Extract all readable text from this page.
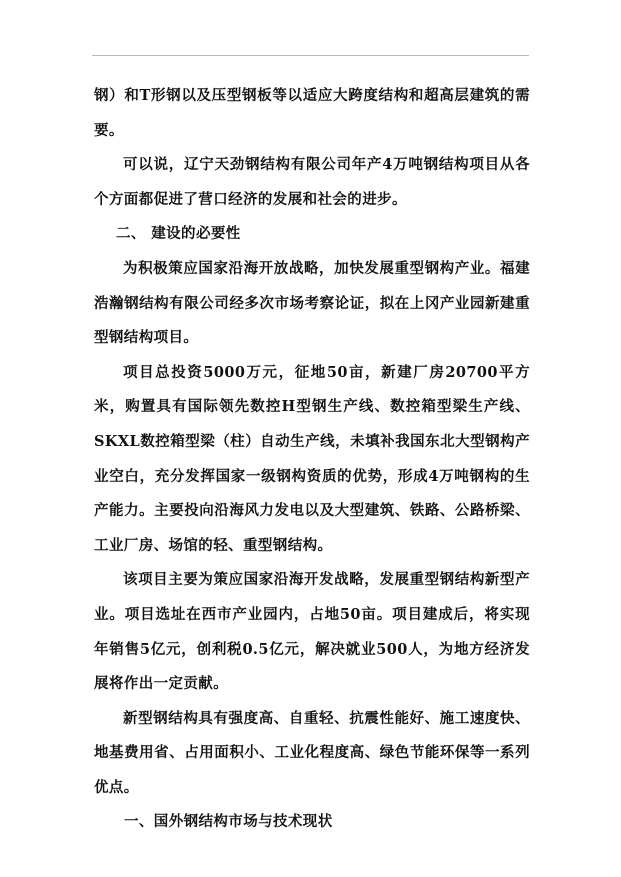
钢）和T形钢以及压型钢板等以适应大跨度结构和超高层建筑的需要。

可以说，辽宁天劲钢结构有限公司年产4万吨钢结构项目从各个方面都促进了营口经济的发展和社会的进步。

二、 建设的必要性

为积极策应国家沿海开放战略，加快发展重型钢构产业。福建浩瀚钢结构有限公司经多次市场考察论证，拟在上冈产业园新建重型钢结构项目。

项目总投资5000万元，征地50亩，新建厂房20700平方米，购置具有国际领先数控H型钢生产线、数控箱型梁生产线、SKXL数控箱型梁（柱）自动生产线，未填补我国东北大型钢构产业空白，充分发挥国家一级钢构资质的优势，形成4万吨钢构的生产能力。主要投向沿海风力发电以及大型建筑、铁路、公路桥梁、工业厂房、场馆的轻、重型钢结构。

该项目主要为策应国家沿海开发战略，发展重型钢结构新型产业。项目选址在西市产业园内，占地50亩。项目建成后，将实现年销售5亿元，创利税0.5亿元，解决就业500人，为地方经济发展将作出一定贡献。

新型钢结构具有强度高、自重轻、抗震性能好、施工速度快、地基费用省、占用面积小、工业化程度高、绿色节能环保等一系列优点。

一、国外钢结构市场与技术现状
